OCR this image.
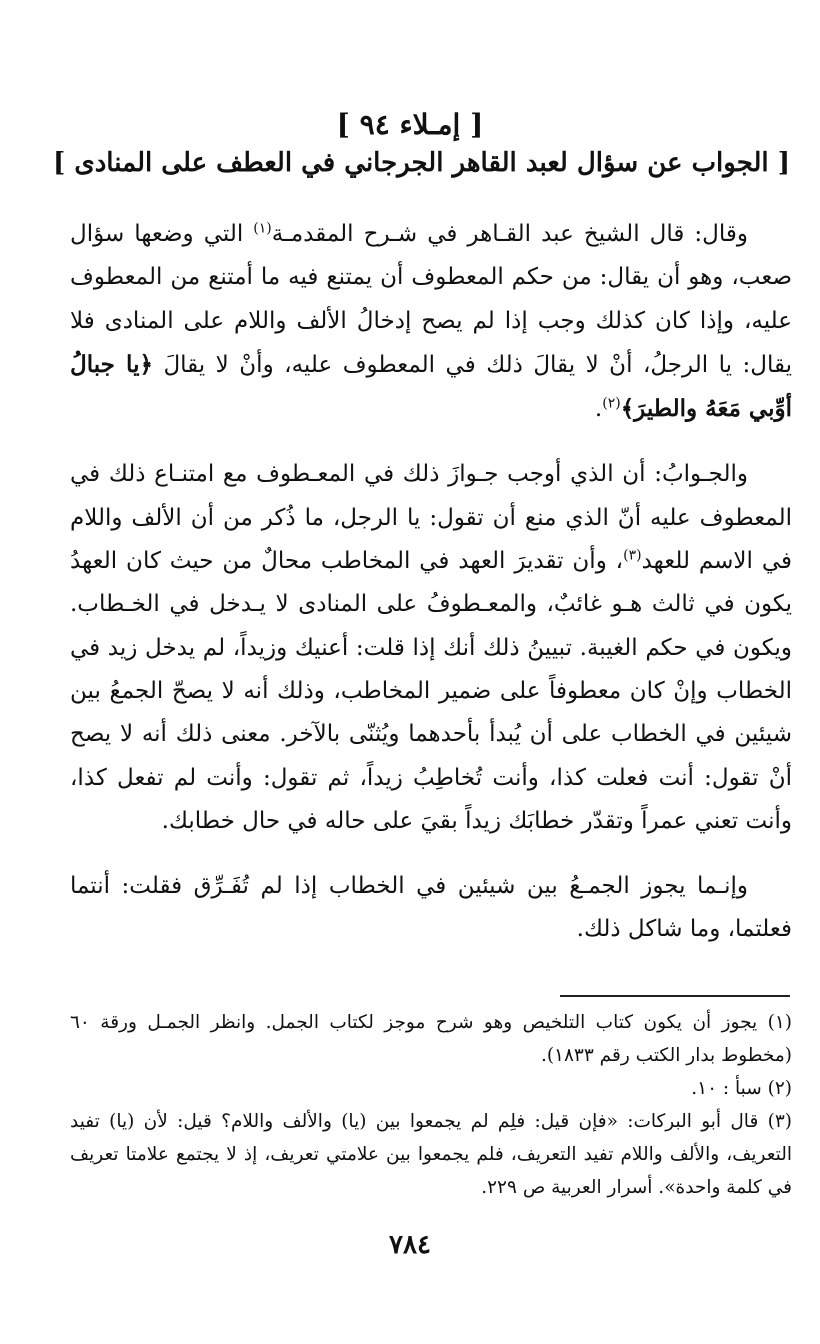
[ إمـلاء ٩٤ ]
[ الجواب عن سؤال لعبد القاهر الجرجاني في العطف على المنادى ]

وقال: قال الشيخ عبد القـاهر في شـرح المقدمـة$^{(١)}$ التي وضعها سؤال صعب، وهو أن يقال: من حكم المعطوف أن يمتنع فيه ما أمتنع من المعطوف عليه، وإذا كان كذلك وجب إذا لم يصح إدخالُ الألف واللام على المنادى فلا يقال: يا الرجلُ، أنْ لا يقالَ ذلك في المعطوف عليه، وأنْ لا يقالَ ﴿يا جبالُ أوِّبي مَعَهُ والطيرَ﴾$^{(٢)}$.

والجـوابُ: أن الذي أوجب جـوازَ ذلك في المعـطوف مع امتنـاع ذلك في المعطوف عليه أنّ الذي منع أن تقول: يا الرجل، ما ذُكر من أن الألف واللام في الاسم للعهد$^{(٣)}$، وأن تقديرَ العهد في المخاطب محالٌ من حيث كان العهدُ يكون في ثالث هـو غائبٌ، والمعـطوفُ على المنادى لا يـدخل في الخـطاب. ويكون في حكم الغيبة. تبيينُ ذلك أنك إذا قلت: أعنيك وزيداً، لم يدخل زيد في الخطاب وإنْ كان معطوفاً على ضمير المخاطب، وذلك أنه لا يصحّ الجمعُ بين شيئين في الخطاب على أن يُبدأ بأحدهما ويُثنّى بالآخر. معنى ذلك أنه لا يصح أنْ تقول: أنت فعلت كذا، وأنت تُخاطِبُ زيداً، ثم تقول: وأنت لم تفعل كذا، وأنت تعني عمراً وتقدّر خطابَك زيداً بقيَ على حاله في حال خطابك.

وإنـما يجوز الجمـعُ بين شيئين في الخطاب إذا لم تُفَـرِّق فقلت: أنتما فعلتما، وما شاكل ذلك.

(١) يجوز أن يكون كتاب التلخيص وهو شرح موجز لكتاب الجمل. وانظر الجمـل ورقة ٦٠ (مخطوط بدار الكتب رقم ١٨٣٣).

(٢) سبأ : ١٠.

(٣) قال أبو البركات: «فإن قيل: فلِم لم يجمعوا بين (يا) والألف واللام؟ قيل: لأن (يا) تفيد التعريف، والألف واللام تفيد التعريف، فلم يجمعوا بين علامتي تعريف، إذ لا يجتمع علامتا تعريف في كلمة واحدة». أسرار العربية ص ٢٢٩.

٧٨٤
